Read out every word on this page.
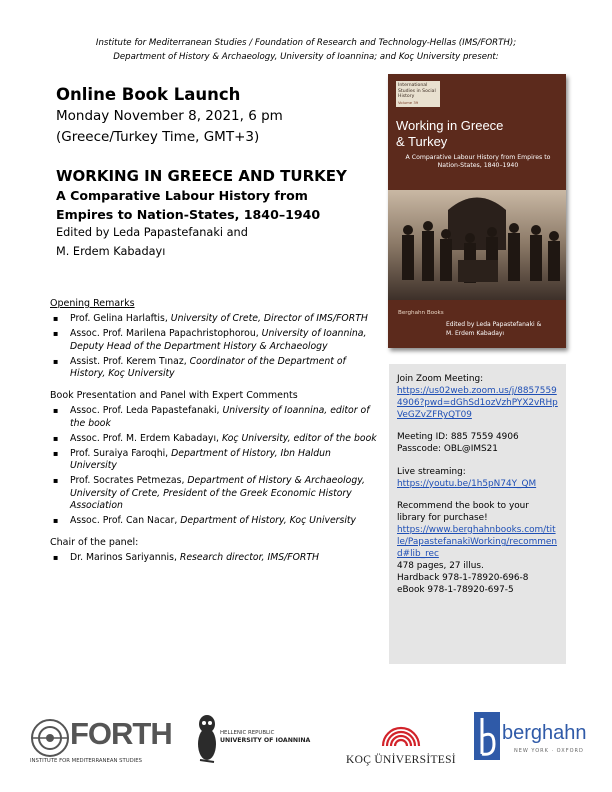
Institute for Mediterranean Studies / Foundation of Research and Technology-Hellas (IMS/FORTH);
Department of History & Archaeology, University of Ioannina; and Koç University present:
Online Book Launch
Monday November 8, 2021, 6 pm
(Greece/Turkey Time, GMT+3)
WORKING IN GREECE AND TURKEY
A Comparative Labour History from
Empires to Nation-States, 1840–1940
Edited by Leda Papastefanaki and
M. Erdem Kabadayı
International Studies in Social History
Volume 39
Working in Greece
& Turkey
A Comparative Labour History from Empires to Nation-States, 1840–1940
Berghahn Books
Edited by Leda Papastefanaki &
M. Erdem Kabadayı
Opening Remarks
▪ Prof. Gelina Harlaftis, University of Crete, Director of IMS/FORTH
▪ Assoc. Prof. Marilena Papachristophorou, University of Ioannina, Deputy Head of the Department History & Archaeology
▪ Assist. Prof. Kerem Tınaz, Coordinator of the Department of History, Koç University
Book Presentation and Panel with Expert Comments
▪ Assoc. Prof. Leda Papastefanaki, University of Ioannina, editor of the book
▪ Assoc. Prof. M. Erdem Kabadayı, Koç University, editor of the book
▪ Prof. Suraiya Faroqhi, Department of History, Ibn Haldun University
▪ Prof. Socrates Petmezas, Department of History & Archaeology, University of Crete, President of the Greek Economic History Association
▪ Assoc. Prof. Can Nacar, Department of History, Koç University
Chair of the panel:
▪ Dr. Marinos Sariyannis, Research director, IMS/FORTH
Join Zoom Meeting:
https://us02web.zoom.us/j/88575594906?pwd=dGhSd1ozVzhPYX2vRHpVeGZvZFRyQT09
Meeting ID: 885 7559 4906
Passcode: OBL@IMS21
Live streaming:
https://youtu.be/1h5pN74Y_QM
Recommend the book to your library for purchase!
https://www.berghahnbooks.com/title/PapastefanakiWorking/recommend#lib_rec
478 pages, 27 illus.
Hardback 978-1-78920-696-8
eBook 978-1-78920-697-5
FORTH
INSTITUTE FOR MEDITERRANEAN STUDIES
HELLENIC REPUBLIC
UNIVERSITY OF IOANNINA
KOÇ ÜNİVERSİTESİ
berghahn
NEW YORK · OXFORD
